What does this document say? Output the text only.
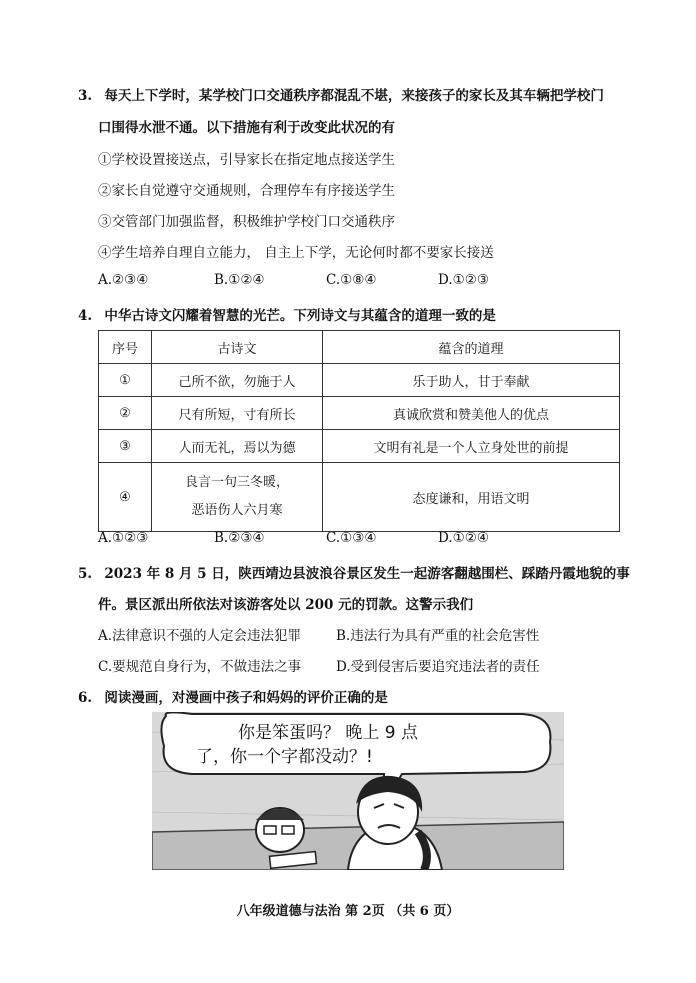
3. 每天上下学时，某学校门口交通秩序都混乱不堪，来接孩子的家长及其车辆把学校门
口围得水泄不通。以下措施有利于改变此状况的有
①学校设置接送点，引导家长在指定地点接送学生
②家长自觉遵守交通规则，合理停车有序接送学生
③交管部门加强监督，积极维护学校门口交通秩序
④学生培养自理自立能力， 自主上下学，无论何时都不要家长接送
A.②③④	B.①②④	C.①⑧④	D.①②③
4. 中华古诗文闪耀着智慧的光芒。下列诗文与其蕴含的道理一致的是
序号	古诗文	蕴含的道理
①	己所不欲，勿施于人	乐于助人，甘于奉献
②	尺有所短，寸有所长	真诚欣赏和赞美他人的优点
③	人而无礼，焉以为德	文明有礼是一个人立身处世的前提
④	良言一句三冬暖，
恶语伤人六月寒	态度谦和，用语文明
A.①②③	B.②③④	C.①③④	D.①②④
5. 2023 年 8 月 5 日，陕西靖边县波浪谷景区发生一起游客翻越围栏、踩踏丹霞地貌的事
件。景区派出所依法对该游客处以 200 元的罚款。这警示我们
A.法律意识不强的人定会违法犯罪	B.违法行为具有严重的社会危害性
C.要规范自身行为，不做违法之事	D.受到侵害后要追究违法者的责任
6. 阅读漫画，对漫画中孩子和妈妈的评价正确的是
你是笨蛋吗？ 晚上 9 点
了，你一个字都没动？!
八年级道德与法治 第 2页 （共 6 页）
